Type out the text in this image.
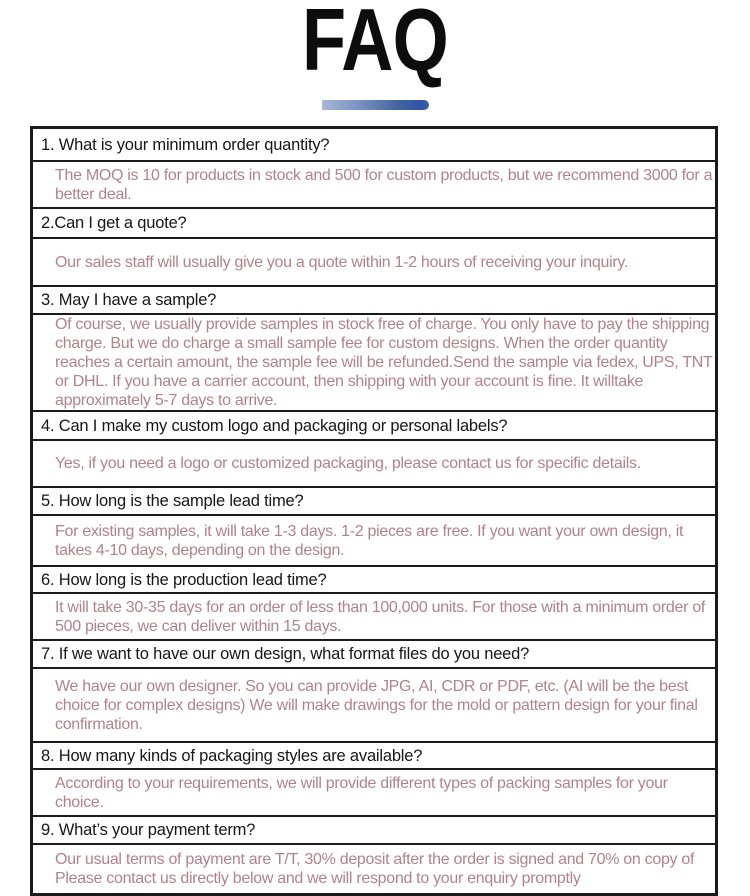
FAQ
1. What is your minimum order quantity?
The MOQ is 10 for products in stock and 500 for custom products, but we recommend 3000 for a better deal.
2.Can I get a quote?
Our sales staff will usually give you a quote within 1-2 hours of receiving your inquiry.
3. May I have a sample?
Of course, we usually provide samples in stock free of charge. You only have to pay the shipping charge. But we do charge a small sample fee for custom designs. When the order quantity reaches a certain amount, the sample fee will be refunded.Send the sample via fedex, UPS, TNT or DHL. If you have a carrier account, then shipping with your account is fine. It willtake approximately 5-7 days to arrive.
4. Can I make my custom logo and packaging or personal labels?
Yes, if you need a logo or customized packaging, please contact us for specific details.
5. How long is the sample lead time?
For existing samples, it will take 1-3 days. 1-2 pieces are free. If you want your own design, it takes 4-10 days, depending on the design.
6. How long is the production lead time?
It will take 30-35 days for an order of less than 100,000 units. For those with a minimum order of 500 pieces, we can deliver within 15 days.
7. If we want to have our own design, what format files do you need?
We have our own designer. So you can provide JPG, AI, CDR or PDF, etc. (AI will be the best choice for complex designs) We will make drawings for the mold or pattern design for your final confirmation.
8. How many kinds of packaging styles are available?
According to your requirements, we will provide different types of packing samples for your choice.
9. What’s your payment term?
Our usual terms of payment are T/T, 30% deposit after the order is signed and 70% on copy of Please contact us directly below and we will respond to your enquiry promptly
